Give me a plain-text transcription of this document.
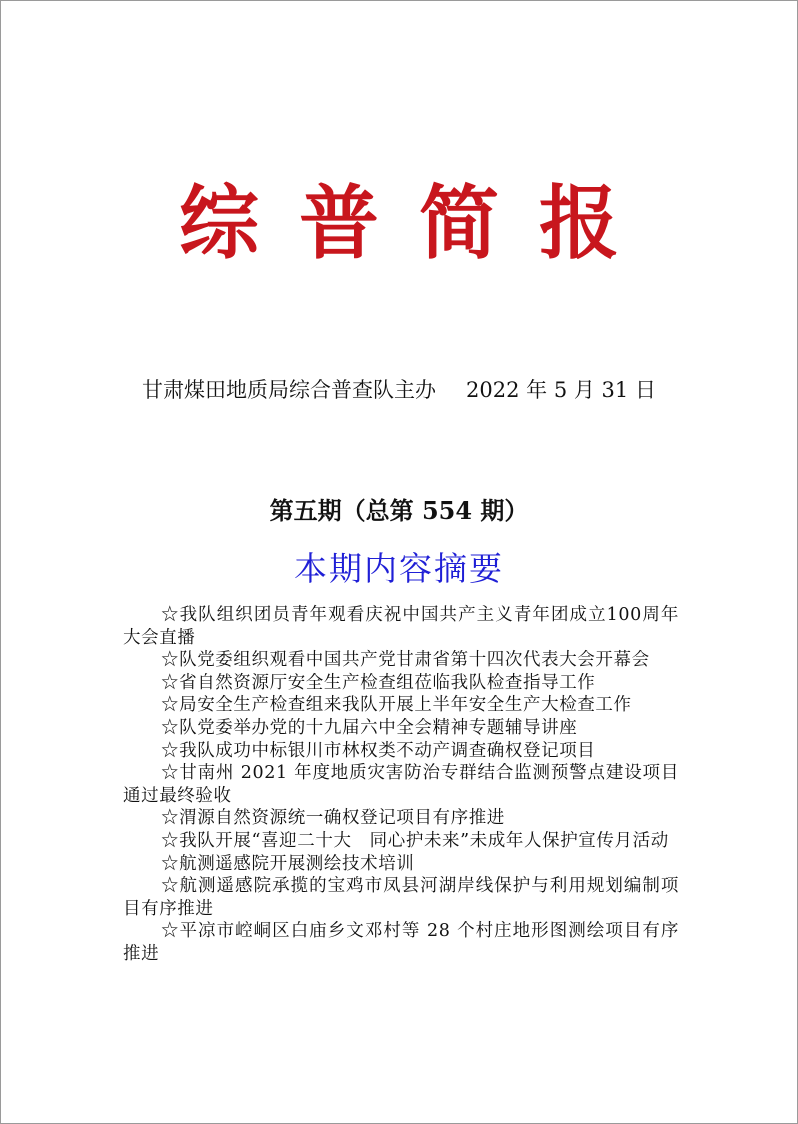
综普简报
甘肃煤田地质局综合普查队主办 2022 年 5 月 31 日
第五期（总第 554 期）
本期内容摘要
☆我队组织团员青年观看庆祝中国共产主义青年团成立100周年大会直播
☆队党委组织观看中国共产党甘肃省第十四次代表大会开幕会
☆省自然资源厅安全生产检查组莅临我队检查指导工作
☆局安全生产检查组来我队开展上半年安全生产大检查工作
☆队党委举办党的十九届六中全会精神专题辅导讲座
☆我队成功中标银川市林权类不动产调查确权登记项目
☆甘南州 2021 年度地质灾害防治专群结合监测预警点建设项目通过最终验收
☆渭源自然资源统一确权登记项目有序推进
☆我队开展“喜迎二十大　同心护未来”未成年人保护宣传月活动
☆航测遥感院开展测绘技术培训
☆航测遥感院承揽的宝鸡市凤县河湖岸线保护与利用规划编制项目有序推进
☆平凉市崆峒区白庙乡文邓村等 28 个村庄地形图测绘项目有序推进
